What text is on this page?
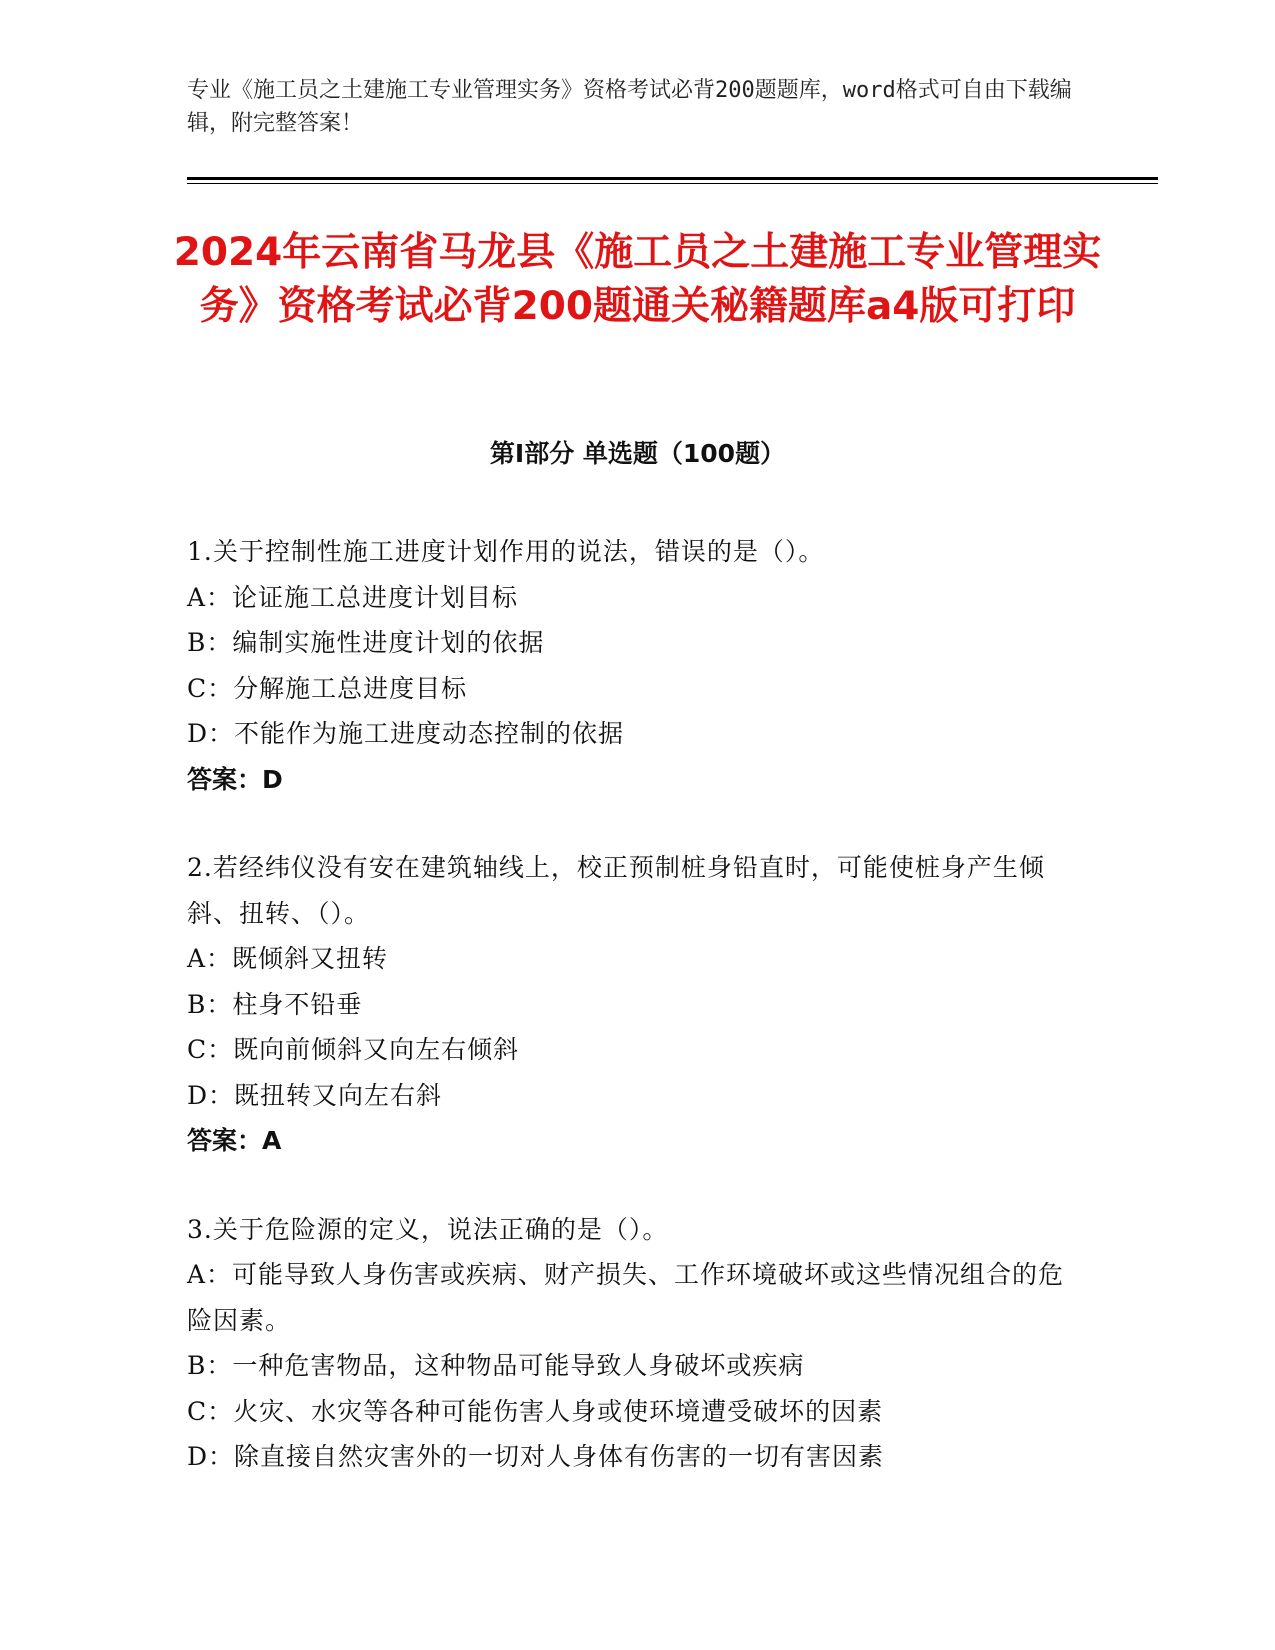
专业《施工员之土建施工专业管理实务》资格考试必背200题题库，word格式可自由下载编辑，附完整答案！
2024年云南省马龙县《施工员之土建施工专业管理实务》资格考试必背200题通关秘籍题库a4版可打印
第Ⅰ部分 单选题（100题）
1.关于控制性施工进度计划作用的说法，错误的是（）。
A：论证施工总进度计划目标
B：编制实施性进度计划的依据
C：分解施工总进度目标
D：不能作为施工进度动态控制的依据
答案：D
2.若经纬仪没有安在建筑轴线上，校正预制桩身铅直时，可能使桩身产生倾斜、扭转、（）。
A：既倾斜又扭转
B：柱身不铅垂
C：既向前倾斜又向左右倾斜
D：既扭转又向左右斜
答案：A
3.关于危险源的定义，说法正确的是（）。
A：可能导致人身伤害或疾病、财产损失、工作环境破坏或这些情况组合的危险因素。
B：一种危害物品，这种物品可能导致人身破坏或疾病
C：火灾、水灾等各种可能伤害人身或使环境遭受破坏的因素
D：除直接自然灾害外的一切对人身体有伤害的一切有害因素
